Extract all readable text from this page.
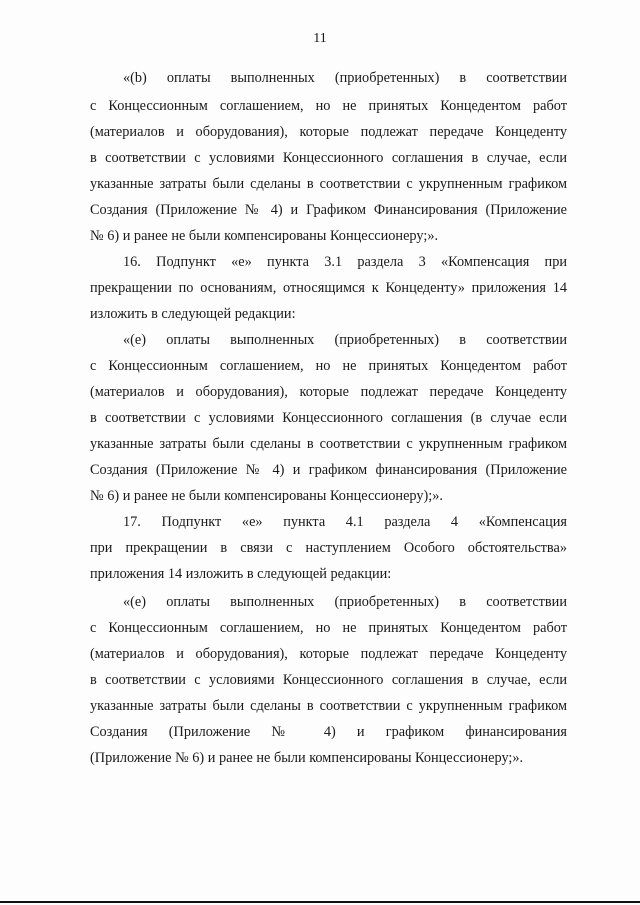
11
«(b) оплаты выполненных (приобретенных) в соответствии
с Концессионным соглашением, но не принятых Концедентом работ
(материалов и оборудования), которые подлежат передаче Концеденту
в соответствии с условиями Концессионного соглашения в случае, если
указанные затраты были сделаны в соответствии с укрупненным графиком
Создания (Приложение № 4) и Графиком Финансирования (Приложение
№ 6) и ранее не были компенсированы Концессионеру;».
16. Подпункт «е» пункта 3.1 раздела 3 «Компенсация при
прекращении по основаниям, относящимся к Концеденту» приложения 14
изложить в следующей редакции:
«(е) оплаты выполненных (приобретенных) в соответствии
с Концессионным соглашением, но не принятых Концедентом работ
(материалов и оборудования), которые подлежат передаче Концеденту
в соответствии с условиями Концессионного соглашения (в случае если
указанные затраты были сделаны в соответствии с укрупненным графиком
Создания (Приложение № 4) и графиком финансирования (Приложение
№ 6) и ранее не были компенсированы Концессионеру);».
17. Подпункт «е» пункта 4.1 раздела 4 «Компенсация
при прекращении в связи с наступлением Особого обстоятельства»
приложения 14 изложить в следующей редакции:
«(е) оплаты выполненных (приобретенных) в соответствии
с Концессионным соглашением, но не принятых Концедентом работ
(материалов и оборудования), которые подлежат передаче Концеденту
в соответствии с условиями Концессионного соглашения в случае, если
указанные затраты были сделаны в соответствии с укрупненным графиком
Создания (Приложение № 4) и графиком финансирования
(Приложение № 6) и ранее не были компенсированы Концессионеру;».
